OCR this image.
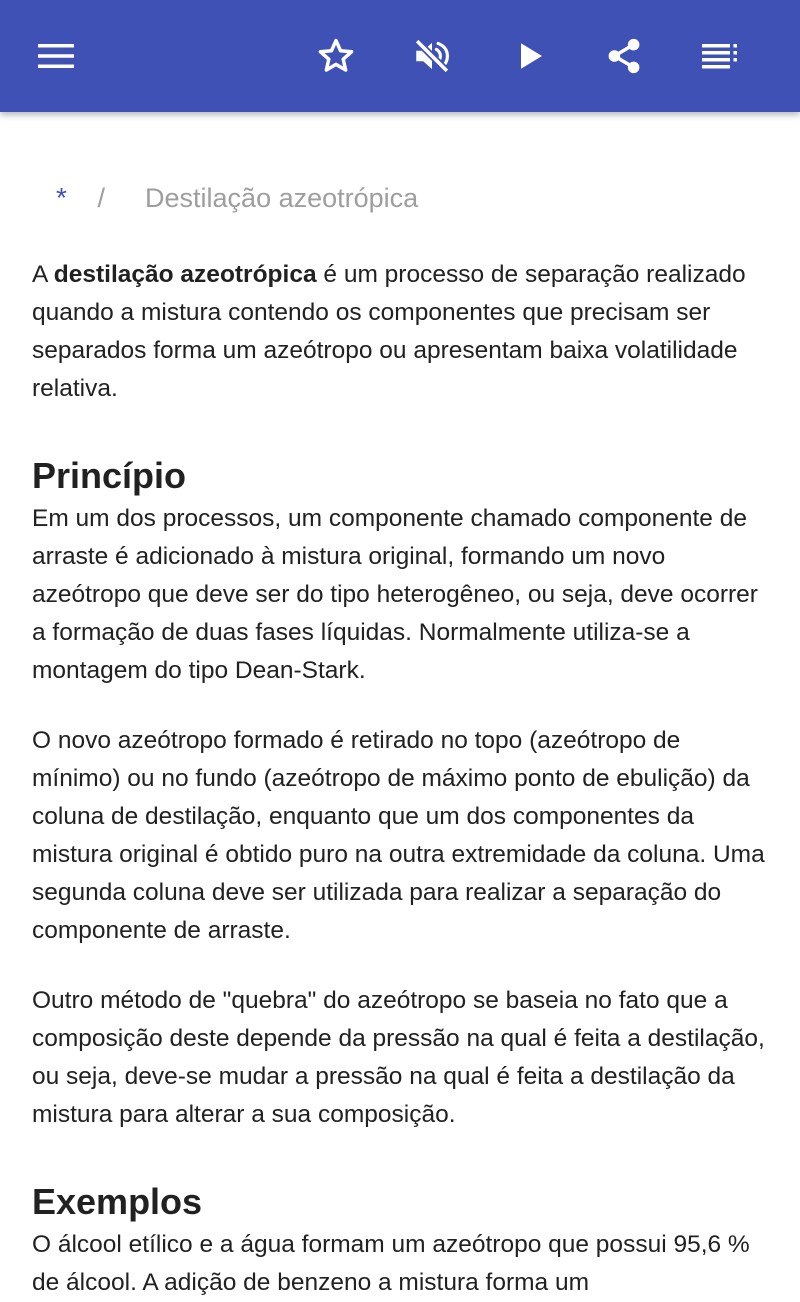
* / Destilação azeotrópica

A destilação azeotrópica é um processo de separação realizado quando a mistura contendo os componentes que precisam ser separados forma um azeótropo ou apresentam baixa volatilidade relativa.

Princípio

Em um dos processos, um componente chamado componente de arraste é adicionado à mistura original, formando um novo azeótropo que deve ser do tipo heterogêneo, ou seja, deve ocorrer a formação de duas fases líquidas. Normalmente utiliza-se a montagem do tipo Dean-Stark.

O novo azeótropo formado é retirado no topo (azeótropo de mínimo) ou no fundo (azeótropo de máximo ponto de ebulição) da coluna de destilação, enquanto que um dos componentes da mistura original é obtido puro na outra extremidade da coluna. Uma segunda coluna deve ser utilizada para realizar a separação do componente de arraste.

Outro método de "quebra" do azeótropo se baseia no fato que a composição deste depende da pressão na qual é feita a destilação, ou seja, deve-se mudar a pressão na qual é feita a destilação da mistura para alterar a sua composição.

Exemplos

O álcool etílico e a água formam um azeótropo que possui 95,6 % de álcool. A adição de benzeno a mistura forma um
